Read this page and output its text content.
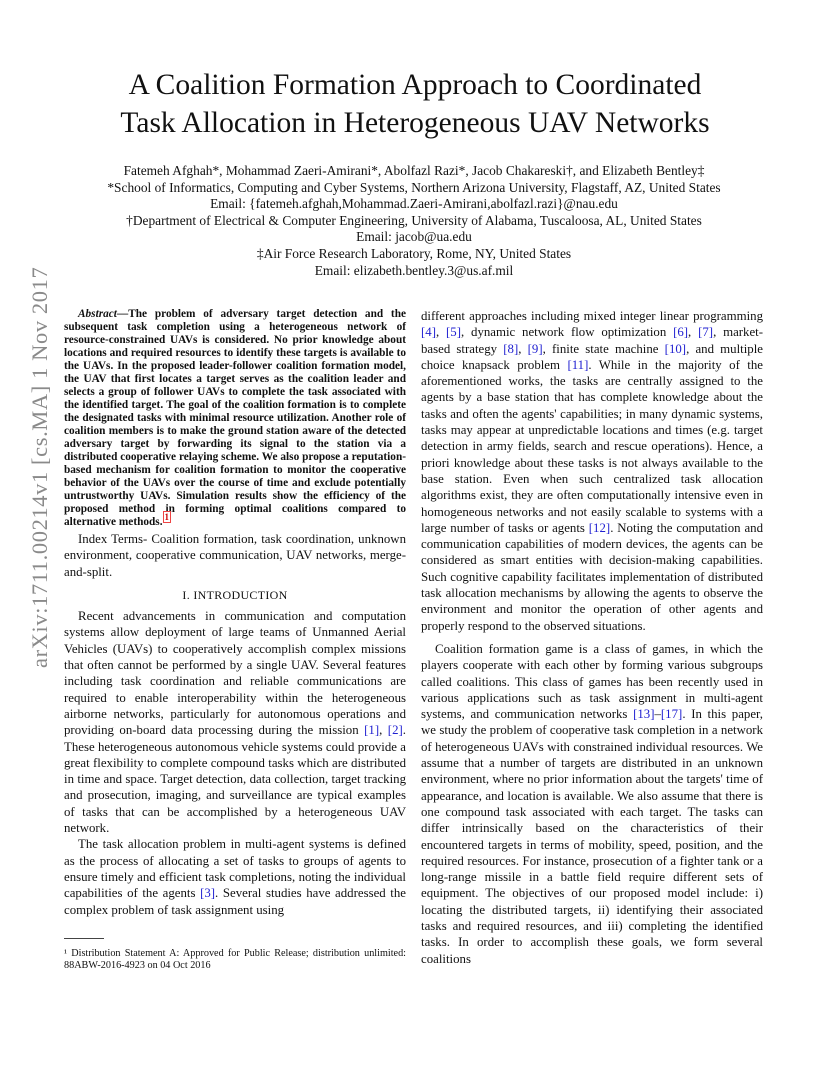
arXiv:1711.00214v1 [cs.MA] 1 Nov 2017
A Coalition Formation Approach to Coordinated
Task Allocation in Heterogeneous UAV Networks
Fatemeh Afghah*, Mohammad Zaeri-Amirani*, Abolfazl Razi*, Jacob Chakareski†, and Elizabeth Bentley‡
*School of Informatics, Computing and Cyber Systems, Northern Arizona University, Flagstaff, AZ, United States
Email: {fatemeh.afghah,Mohammad.Zaeri-Amirani,abolfazl.razi}@nau.edu
†Department of Electrical & Computer Engineering, University of Alabama, Tuscaloosa, AL, United States
Email: jacob@ua.edu
‡Air Force Research Laboratory, Rome, NY, United States
Email: elizabeth.bentley.3@us.af.mil

Abstract—The problem of adversary target detection and the subsequent task completion using a heterogeneous network of resource-constrained UAVs is considered. No prior knowledge about locations and required resources to identify these targets is available to the UAVs. In the proposed leader-follower coalition formation model, the UAV that first locates a target serves as the coalition leader and selects a group of follower UAVs to complete the task associated with the identified target. The goal of the coalition formation is to complete the designated tasks with minimal resource utilization. Another role of coalition members is to make the ground station aware of the detected adversary target by forwarding its signal to the station via a distributed cooperative relaying scheme. We also propose a reputation-based mechanism for coalition formation to monitor the cooperative behavior of the UAVs over the course of time and exclude potentially untrustworthy UAVs. Simulation results show the efficiency of the proposed method in forming optimal coalitions compared to alternative methods. $^1$

Index Terms- Coalition formation, task coordination, unknown environment, cooperative communication, UAV networks, merge-and-split.

I. INTRODUCTION

Recent advancements in communication and computation systems allow deployment of large teams of Unmanned Aerial Vehicles (UAVs) to cooperatively accomplish complex missions that often cannot be performed by a single UAV. Several features including task coordination and reliable communications are required to enable interoperability within the heterogeneous airborne networks, particularly for autonomous operations and providing on-board data processing during the mission [1], [2]. These heterogeneous autonomous vehicle systems could provide a great flexibility to complete compound tasks which are distributed in time and space. Target detection, data collection, target tracking and prosecution, imaging, and surveillance are typical examples of tasks that can be accomplished by a heterogeneous UAV network.

The task allocation problem in multi-agent systems is defined as the process of allocating a set of tasks to groups of agents to ensure timely and efficient task completions, noting the individual capabilities of the agents [3]. Several studies have addressed the complex problem of task assignment using

¹ Distribution Statement A: Approved for Public Release; distribution unlimited: 88ABW-2016-4923 on 04 Oct 2016

different approaches including mixed integer linear programming [4], [5], dynamic network flow optimization [6], [7], market-based strategy [8], [9], finite state machine [10], and multiple choice knapsack problem [11]. While in the majority of the aforementioned works, the tasks are centrally assigned to the agents by a base station that has complete knowledge about the tasks and often the agents' capabilities; in many dynamic systems, tasks may appear at unpredictable locations and times (e.g. target detection in army fields, search and rescue operations). Hence, a priori knowledge about these tasks is not always available to the base station. Even when such centralized task allocation algorithms exist, they are often computationally intensive even in homogeneous networks and not easily scalable to systems with a large number of tasks or agents [12]. Noting the computation and communication capabilities of modern devices, the agents can be considered as smart entities with decision-making capabilities. Such cognitive capability facilitates implementation of distributed task allocation mechanisms by allowing the agents to observe the environment and monitor the operation of other agents and properly respond to the observed situations.

Coalition formation game is a class of games, in which the players cooperate with each other by forming various subgroups called coalitions. This class of games has been recently used in various applications such as task assignment in multi-agent systems, and communication networks [13]–[17]. In this paper, we study the problem of cooperative task completion in a network of heterogeneous UAVs with constrained individual resources. We assume that a number of targets are distributed in an unknown environment, where no prior information about the targets' time of appearance, and location is available. We also assume that there is one compound task associated with each target. The tasks can differ intrinsically based on the characteristics of their encountered targets in terms of mobility, speed, position, and the required resources. For instance, prosecution of a fighter tank or a long-range missile in a battle field require different sets of equipment. The objectives of our proposed model include: i) locating the distributed targets, ii) identifying their associated tasks and required resources, and iii) completing the identified tasks. In order to accomplish these goals, we form several coalitions
